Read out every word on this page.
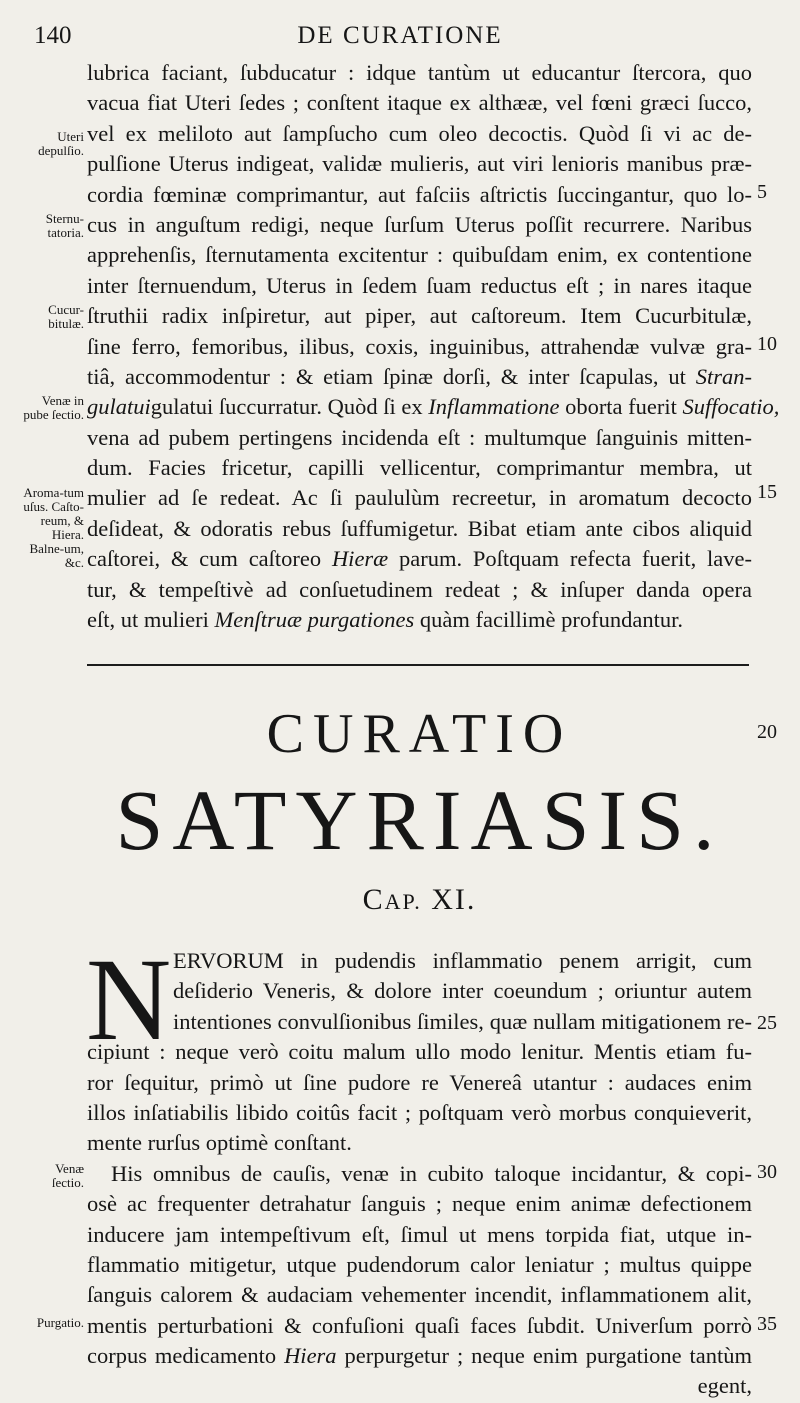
140	DE CURATIONE
lubrica faciant, ſubducatur : idque tantùm ut educantur ſtercora, quo
vacua fiat Uteri ſedes ; conſtent itaque ex althææ, vel fœni græci ſucco,
vel ex meliloto aut ſampſucho cum oleo decoctis. Quòd ſi vi ac de-
pulſione Uterus indigeat, validæ mulieris, aut viri lenioris manibus præ-
cordia fœminæ comprimantur, aut faſciis aſtrictis ſuccingantur, quo lo-
cus in anguſtum redigi, neque ſurſum Uterus poſſit recurrere. Naribus
apprehenſis, ſternutamenta excitentur : quibuſdam enim, ex contentione
inter ſternuendum, Uterus in ſedem ſuam reductus eſt ; in nares itaque
ſtruthii radix inſpiretur, aut piper, aut caſtoreum. Item Cucurbitulæ,
ſine ferro, femoribus, ilibus, coxis, inguinibus, attrahendæ vulvæ gra-
tiâ, accommodentur : & etiam ſpinæ dorſi, & inter ſcapulas, ut Stran-
gulatuigulatui ſuccurratur. Quòd ſi ex Inflammatione oborta fuerit Suffocatio,
vena ad pubem pertingens incidenda eſt : multumque ſanguinis mitten-
dum. Facies fricetur, capilli vellicentur, comprimantur membra, ut
mulier ad ſe redeat. Ac ſi paululùm recreetur, in aromatum decocto
deſideat, & odoratis rebus ſuffumigetur. Bibat etiam ante cibos aliquid
caſtorei, & cum caſtoreo Hieræ parum. Poſtquam refecta fuerit, lave-
tur, & tempeſtivè ad conſuetudinem redeat ; & inſuper danda opera
eſt, ut mulieri Menſtruæ purgationes quàm facillimè profundantur.
Uteri depulſio.
Sternu-tatoria.
Cucur-bitulæ.
Venæ in pube ſectio.
Aroma-tum uſus. Caſto-reum, & Hiera. Balne-um, &c.
5
10
15
20
25
30
35
CURATIO
SATYRIASIS.
CAP. XI.
N ERVORUM in pudendis inflammatio penem arrigit, cum
deſiderio Veneris, & dolore inter coeundum ; oriuntur autem
intentiones convulſionibus ſimiles, quæ nullam mitigationem re-
cipiunt : neque verò coitu malum ullo modo lenitur. Mentis etiam fu-
ror ſequitur, primò ut ſine pudore re Venereâ utantur : audaces enim
illos inſatiabilis libido coitûs facit ; poſtquam verò morbus conquieverit,
mente rurſus optimè conſtant.
His omnibus de cauſis, venæ in cubito taloque incidantur, & copi-
osè ac frequenter detrahatur ſanguis ; neque enim animæ defectionem
inducere jam intempeſtivum eſt, ſimul ut mens torpida fiat, utque in-
flammatio mitigetur, utque pudendorum calor leniatur ; multus quippe
ſanguis calorem & audaciam vehementer incendit, inflammationem alit,
mentis perturbationi & confuſioni quaſi faces ſubdit. Univerſum porrò
corpus medicamento Hiera perpurgetur ; neque enim purgatione tantùm
egent,
Venæ ſectio.
Purgatio.
